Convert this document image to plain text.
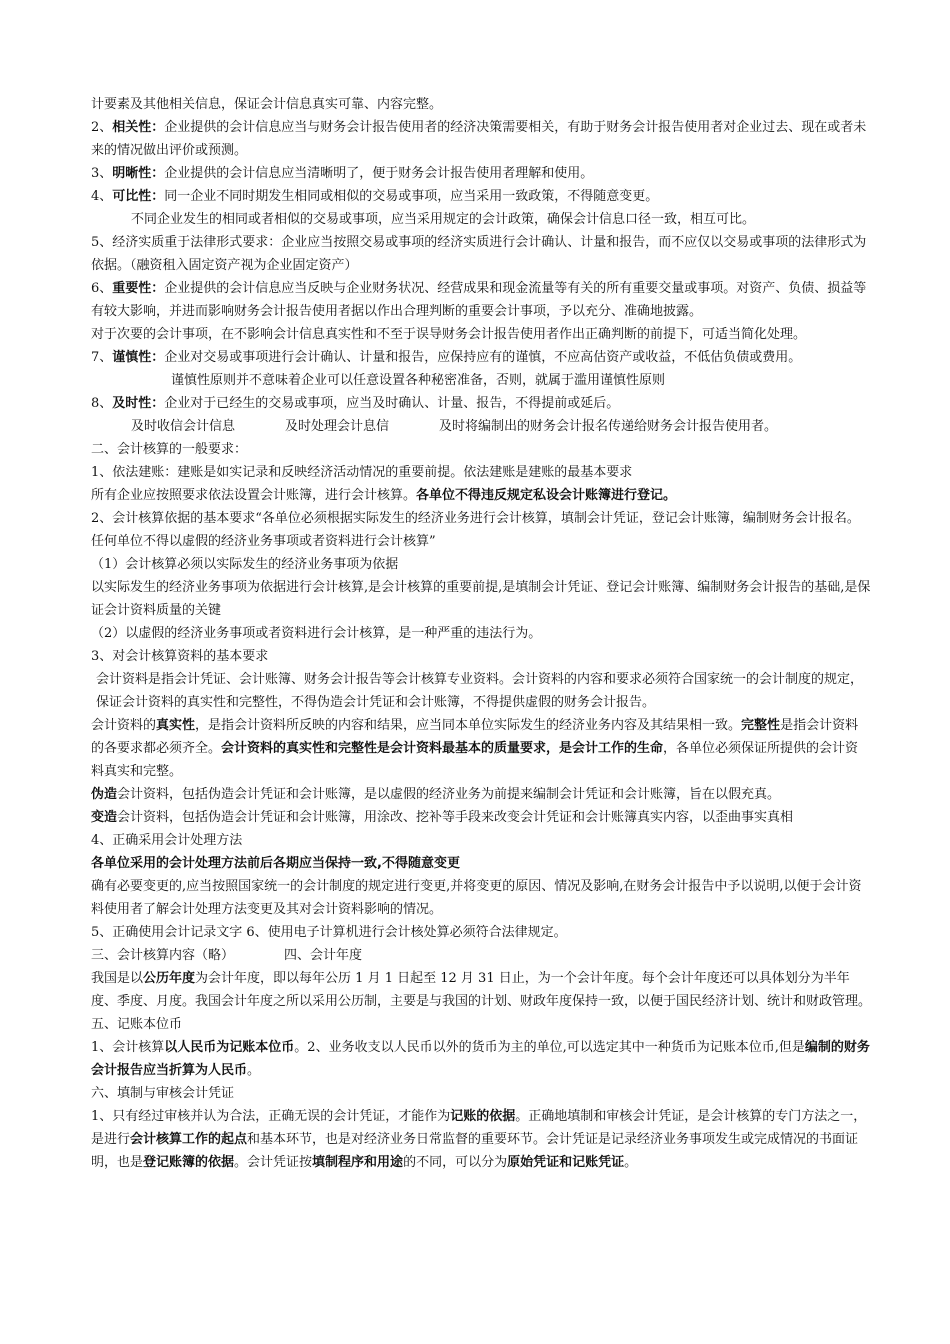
计要素及其他相关信息，保证会计信息真实可靠、内容完整。

2、相关性：企业提供的会计信息应当与财务会计报告使用者的经济决策需要相关，有助于财务会计报告使用者对企业过去、现在或者未来的情况做出评价或预测。

3、明晰性：企业提供的会计信息应当清晰明了，便于财务会计报告使用者理解和使用。

4、可比性：同一企业不同时期发生相同或相似的交易或事项，应当采用一致政策，不得随意变更。

不同企业发生的相同或者相似的交易或事项，应当采用规定的会计政策，确保会计信息口径一致，相互可比。

5、经济实质重于法律形式要求：企业应当按照交易或事项的经济实质进行会计确认、计量和报告，而不应仅以交易或事项的法律形式为依据。（融资租入固定资产视为企业固定资产）

6、重要性：企业提供的会计信息应当反映与企业财务状况、经营成果和现金流量等有关的所有重要交量或事项。对资产、负债、损益等有较大影响，并进而影响财务会计报告使用者据以作出合理判断的重要会计事项，予以充分、准确地披露。

对于次要的会计事项，在不影响会计信息真实性和不至于误导财务会计报告使用者作出正确判断的前提下，可适当简化处理。

7、谨慎性：企业对交易或事项进行会计确认、计量和报告，应保持应有的谨慎，不应高估资产或收益，不低估负债或费用。

谨慎性原则并不意味着企业可以任意设置各种秘密准备，否则，就属于滥用谨慎性原则

8、及时性：企业对于已经生的交易或事项，应当及时确认、计量、报告，不得提前或延后。

及时收信会计信息	及时处理会计息信	及时将编制出的财务会计报名传递给财务会计报告使用者。

二、会计核算的一般要求：

1、依法建账：建账是如实记录和反映经济活动情况的重要前提。依法建账是建账的最基本要求

所有企业应按照要求依法设置会计账簿，进行会计核算。各单位不得违反规定私设会计账簿进行登记。

2、会计核算依据的基本要求“各单位必须根据实际发生的经济业务进行会计核算，填制会计凭证，登记会计账簿，编制财务会计报名。任何单位不得以虚假的经济业务事项或者资料进行会计核算”

（1）会计核算必须以实际发生的经济业务事项为依据

以实际发生的经济业务事项为依据进行会计核算,是会计核算的重要前提,是填制会计凭证、登记会计账簿、编制财务会计报告的基础,是保证会计资料质量的关键

（2）以虚假的经济业务事项或者资料进行会计核算，是一种严重的违法行为。

3、对会计核算资料的基本要求

会计资料是指会计凭证、会计账簿、财务会计报告等会计核算专业资料。会计资料的内容和要求必须符合国家统一的会计制度的规定，保证会计资料的真实性和完整性，不得伪造会计凭证和会计账簿，不得提供虚假的财务会计报告。

会计资料的真实性，是指会计资料所反映的内容和结果，应当同本单位实际发生的经济业务内容及其结果相一致。完整性是指会计资料的各要求都必须齐全。会计资料的真实性和完整性是会计资料最基本的质量要求，是会计工作的生命，各单位必须保证所提供的会计资料真实和完整。

伪造会计资料，包括伪造会计凭证和会计账簿，是以虚假的经济业务为前提来编制会计凭证和会计账簿，旨在以假充真。

变造会计资料，包括伪造会计凭证和会计账簿，用涂改、挖补等手段来改变会计凭证和会计账簿真实内容，以歪曲事实真相

4、正确采用会计处理方法

各单位采用的会计处理方法前后各期应当保持一致,不得随意变更

确有必要变更的,应当按照国家统一的会计制度的规定进行变更,并将变更的原因、情况及影响,在财务会计报告中予以说明,以便于会计资料使用者了解会计处理方法变更及其对会计资料影响的情况。

5、正确使用会计记录文字 6、使用电子计算机进行会计核处算必须符合法律规定。

三、会计核算内容（略）	四、会计年度

我国是以公历年度为会计年度，即以每年公历 1 月 1 日起至 12 月 31 日止，为一个会计年度。每个会计年度还可以具体划分为半年度、季度、月度。我国会计年度之所以采用公历制，主要是与我国的计划、财政年度保持一致，以便于国民经济计划、统计和财政管理。

五、记账本位币

1、会计核算以人民币为记账本位币。2、业务收支以人民币以外的货币为主的单位,可以选定其中一种货币为记账本位币,但是编制的财务会计报告应当折算为人民币。

六、填制与审核会计凭证

1、只有经过审核并认为合法，正确无误的会计凭证，才能作为记账的依据。正确地填制和审核会计凭证，是会计核算的专门方法之一，是进行会计核算工作的起点和基本环节，也是对经济业务日常监督的重要环节。会计凭证是记录经济业务事项发生或完成情况的书面证明，也是登记账簿的依据。会计凭证按填制程序和用途的不同，可以分为原始凭证和记账凭证。
